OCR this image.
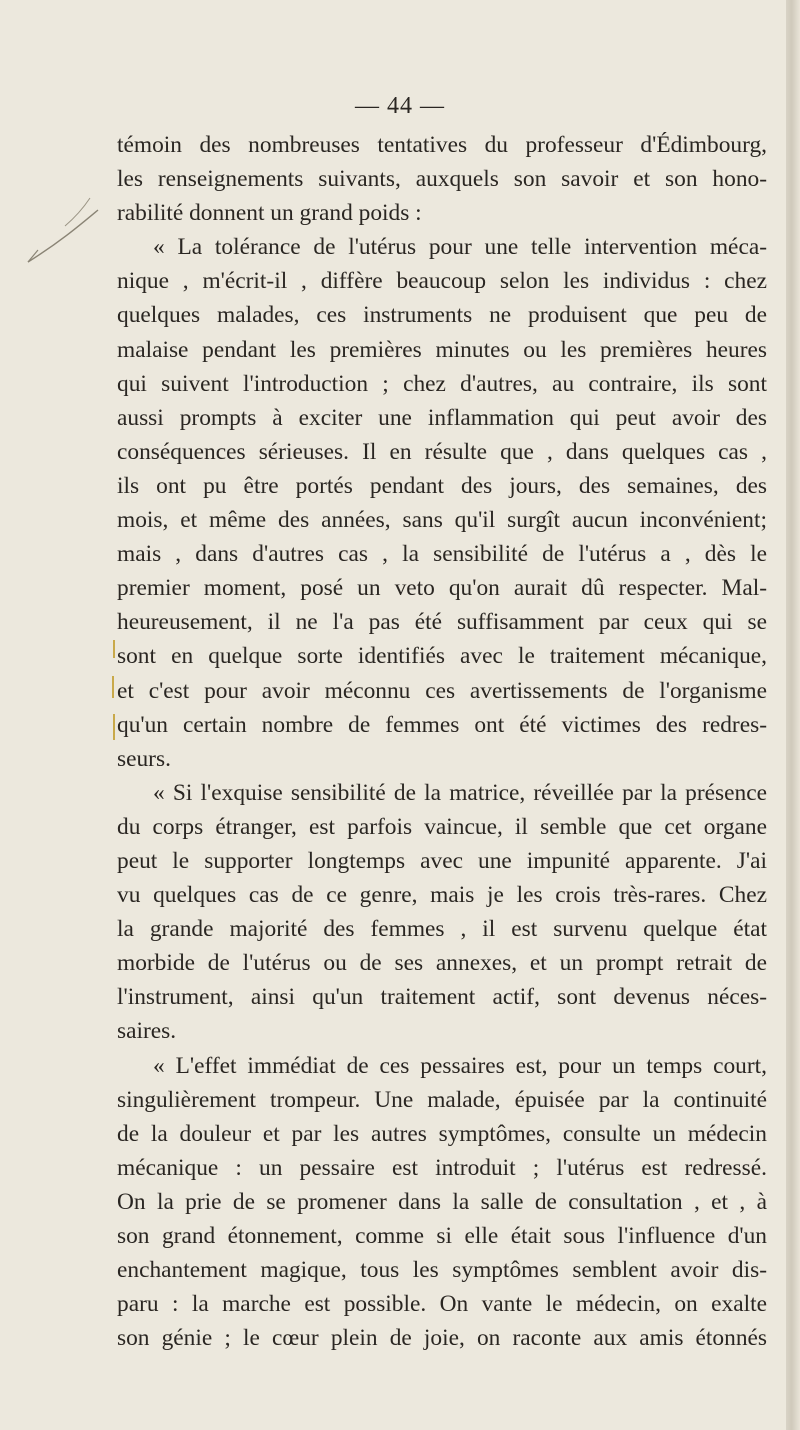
— 44 —
témoin des nombreuses tentatives du professeur d'Édimbourg,
les renseignements suivants, auxquels son savoir et son hono-
rabilité donnent un grand poids :
« La tolérance de l'utérus pour une telle intervention méca-
nique , m'écrit-il , diffère beaucoup selon les individus : chez
quelques malades, ces instruments ne produisent que peu de
malaise pendant les premières minutes ou les premières heures
qui suivent l'introduction ; chez d'autres, au contraire, ils sont
aussi prompts à exciter une inflammation qui peut avoir des
conséquences sérieuses. Il en résulte que , dans quelques cas ,
ils ont pu être portés pendant des jours, des semaines, des
mois, et même des années, sans qu'il surgît aucun inconvénient;
mais , dans d'autres cas , la sensibilité de l'utérus a , dès le
premier moment, posé un veto qu'on aurait dû respecter. Mal-
heureusement, il ne l'a pas été suffisamment par ceux qui se
sont en quelque sorte identifiés avec le traitement mécanique,
et c'est pour avoir méconnu ces avertissements de l'organisme
qu'un certain nombre de femmes ont été victimes des redres-
seurs.
« Si l'exquise sensibilité de la matrice, réveillée par la présence
du corps étranger, est parfois vaincue, il semble que cet organe
peut le supporter longtemps avec une impunité apparente. J'ai
vu quelques cas de ce genre, mais je les crois très-rares. Chez
la grande majorité des femmes , il est survenu quelque état
morbide de l'utérus ou de ses annexes, et un prompt retrait de
l'instrument, ainsi qu'un traitement actif, sont devenus néces-
saires.
« L'effet immédiat de ces pessaires est, pour un temps court,
singulièrement trompeur. Une malade, épuisée par la continuité
de la douleur et par les autres symptômes, consulte un médecin
mécanique : un pessaire est introduit ; l'utérus est redressé.
On la prie de se promener dans la salle de consultation , et , à
son grand étonnement, comme si elle était sous l'influence d'un
enchantement magique, tous les symptômes semblent avoir dis-
paru : la marche est possible. On vante le médecin, on exalte
son génie ; le cœur plein de joie, on raconte aux amis étonnés
